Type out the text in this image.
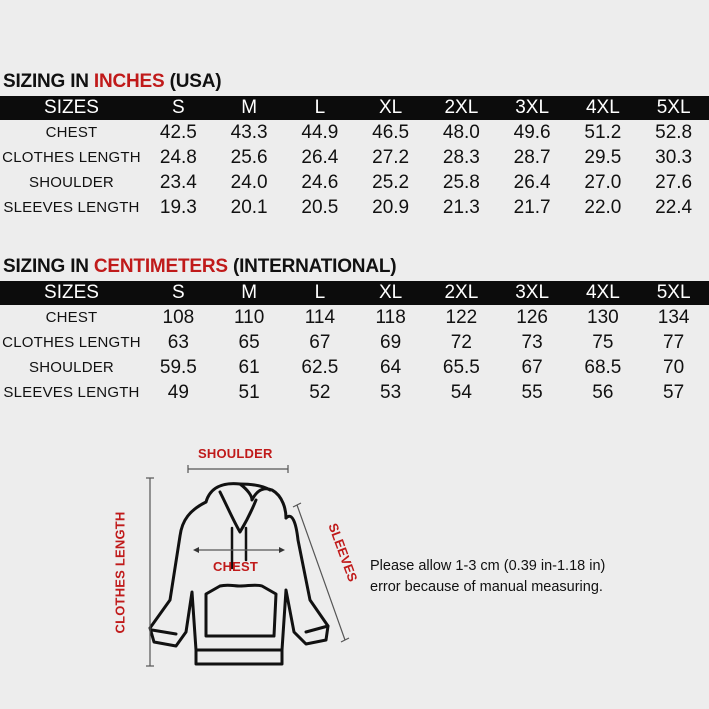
SIZING IN INCHES (USA)
SIZES	S	M	L	XL	2XL	3XL	4XL	5XL
CHEST	42.5	43.3	44.9	46.5	48.0	49.6	51.2	52.8
CLOTHES LENGTH	24.8	25.6	26.4	27.2	28.3	28.7	29.5	30.3
SHOULDER	23.4	24.0	24.6	25.2	25.8	26.4	27.0	27.6
SLEEVES LENGTH	19.3	20.1	20.5	20.9	21.3	21.7	22.0	22.4
SIZING IN CENTIMETERS (INTERNATIONAL)
SIZES	S	M	L	XL	2XL	3XL	4XL	5XL
CHEST	108	110	114	118	122	126	130	134
CLOTHES LENGTH	63	65	67	69	72	73	75	77
SHOULDER	59.5	61	62.5	64	65.5	67	68.5	70
SLEEVES LENGTH	49	51	52	53	54	55	56	57
SHOULDER
CHEST
CLOTHES LENGTH	SLEEVES Please allow 1-3 cm (0.39 in-1.18 in)
error because of manual measuring.
